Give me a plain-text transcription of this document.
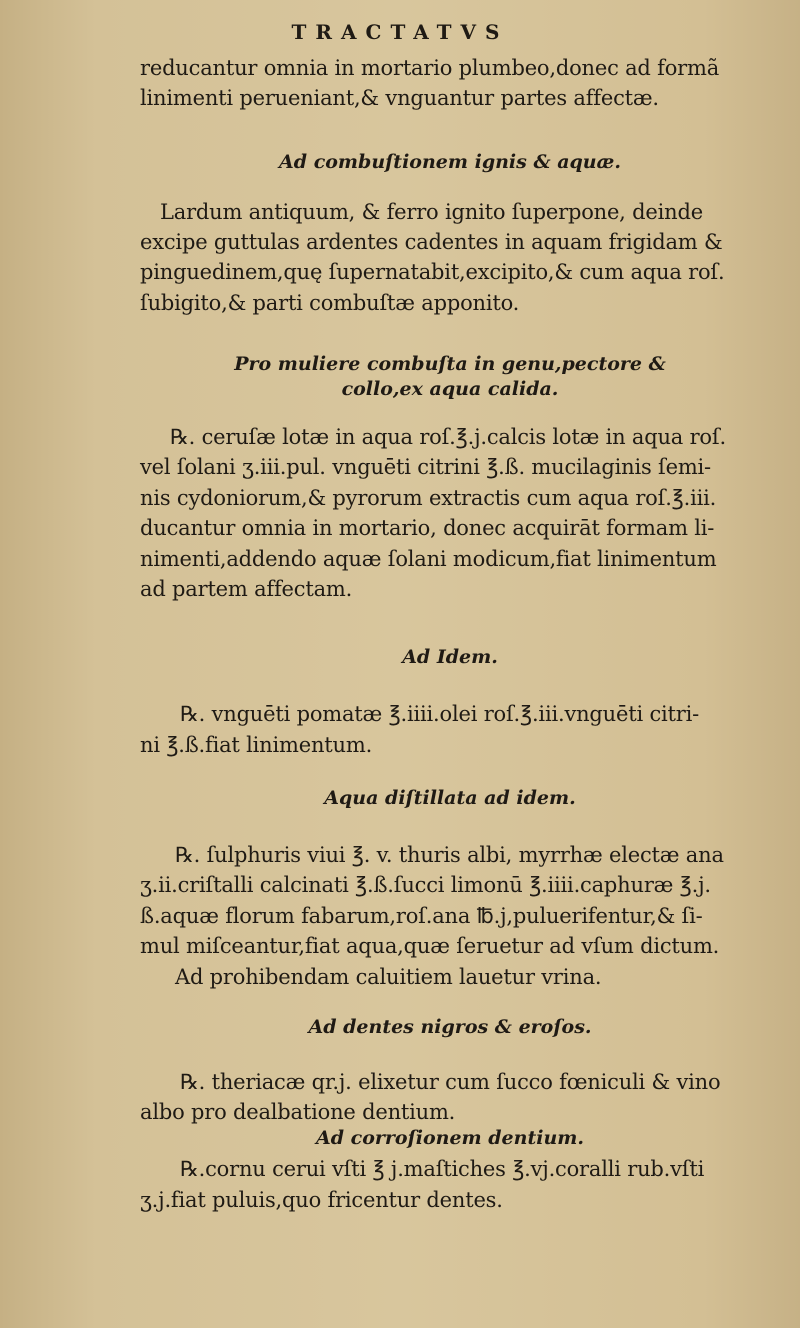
TRACTATVS
reducantur omnia in mortario plumbeo,donec ad formã
linimenti perueniant,& vnguantur partes affectæ.
Ad combuſtionem ignis & aquæ.
Lardum antiquum, & ferro ignito ſuperpone, deinde
excipe guttulas ardentes cadentes in aquam frigidam &
pinguedinem,quę ſupernatabit,excipito,& cum aqua roſ.
ſubigito,& parti combuſtæ apponito.
Pro muliere combuſta in genu,pectore &
collo,ex aqua calida.
℞. ceruſæ lotæ in aqua roſ.℥.j.calcis lotæ in aqua roſ.
vel ſolani ʒ.iii.pul. vnguēti citrini ℥.ß. mucilaginis ſemi-
nis cydoniorum,& pyrorum extractis cum aqua roſ.℥.iii.
ducantur omnia in mortario, donec acquirāt formam li-
nimenti,addendo aquæ ſolani modicum,fiat linimentum
ad partem affectam.
Ad Idem.
℞. vnguēti pomatæ ℥.iiii.olei roſ.℥.iii.vnguēti citri-
ni ℥.ß.fiat linimentum.
Aqua diſtillata ad idem.
℞. ſulphuris viui ℥. v. thuris albi, myrrhæ electæ ana
ʒ.ii.criſtalli calcinati ℥.ß.ſucci limonū ℥.iiii.caphuræ ℥.j.
ß.aquæ florum fabarum,roſ.ana ℔.j,puluerifentur,& ſi-
mul miſceantur,fiat aqua,quæ ſeruetur ad vſum dictum.
Ad prohibendam caluitiem lauetur vrina.
Ad dentes nigros & eroſos.
℞. theriacæ qr.j. elixetur cum ſucco fœniculi & vino
albo pro dealbatione dentium.
Ad corroſionem dentium.
℞.cornu cerui vſti ℥ j.maſtiches ℥.vj.coralli rub.vſti
ʒ.j.fiat puluis,quo fricentur dentes.
